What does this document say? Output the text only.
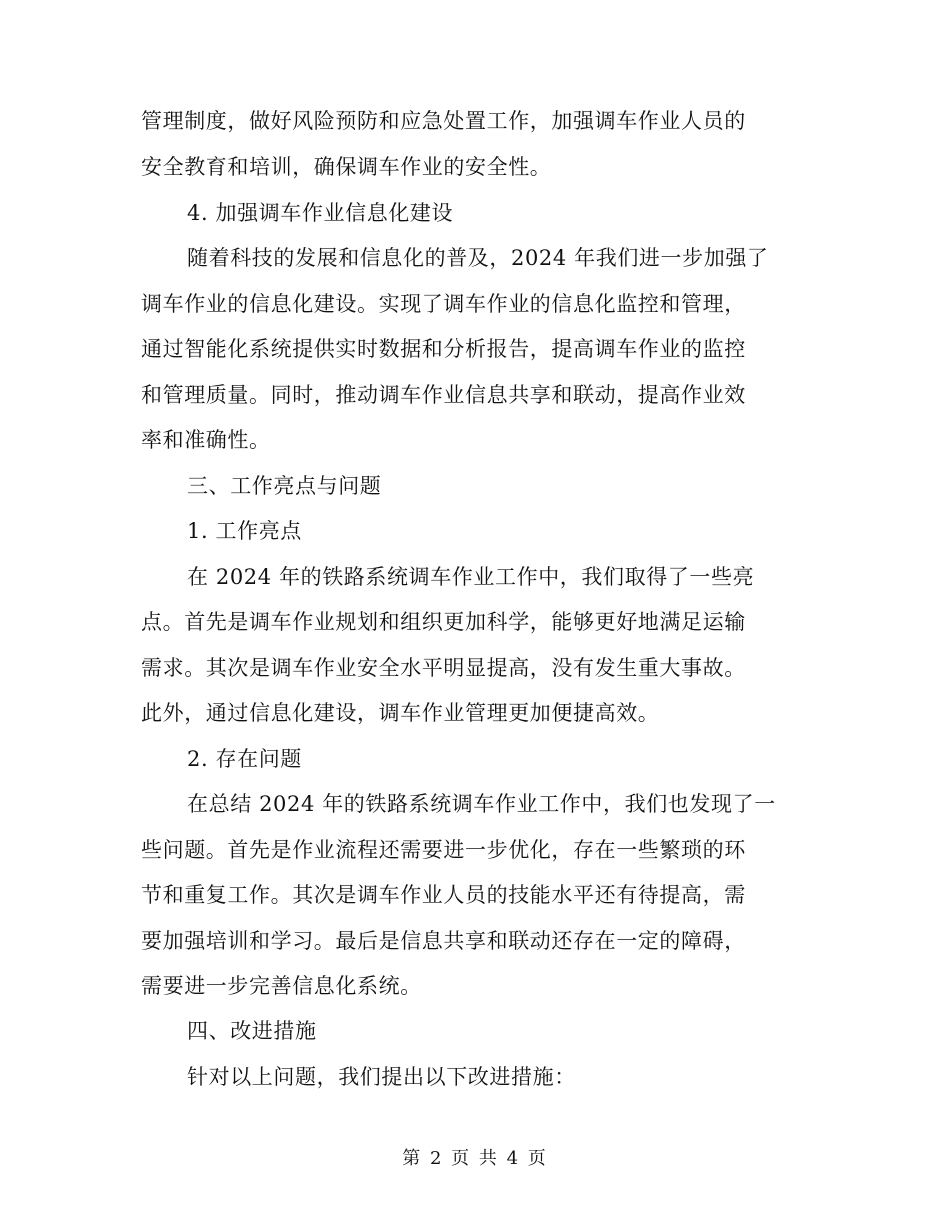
管理制度，做好风险预防和应急处置工作，加强调车作业人员的
安全教育和培训，确保调车作业的安全性。
4. 加强调车作业信息化建设
随着科技的发展和信息化的普及，2024 年我们进一步加强了
调车作业的信息化建设。实现了调车作业的信息化监控和管理，
通过智能化系统提供实时数据和分析报告，提高调车作业的监控
和管理质量。同时，推动调车作业信息共享和联动，提高作业效
率和准确性。
三、工作亮点与问题
1. 工作亮点
在 2024 年的铁路系统调车作业工作中，我们取得了一些亮
点。首先是调车作业规划和组织更加科学，能够更好地满足运输
需求。其次是调车作业安全水平明显提高，没有发生重大事故。
此外，通过信息化建设，调车作业管理更加便捷高效。
2. 存在问题
在总结 2024 年的铁路系统调车作业工作中，我们也发现了一
些问题。首先是作业流程还需要进一步优化，存在一些繁琐的环
节和重复工作。其次是调车作业人员的技能水平还有待提高，需
要加强培训和学习。最后是信息共享和联动还存在一定的障碍，
需要进一步完善信息化系统。
四、改进措施
针对以上问题，我们提出以下改进措施：
第 2 页 共 4 页
